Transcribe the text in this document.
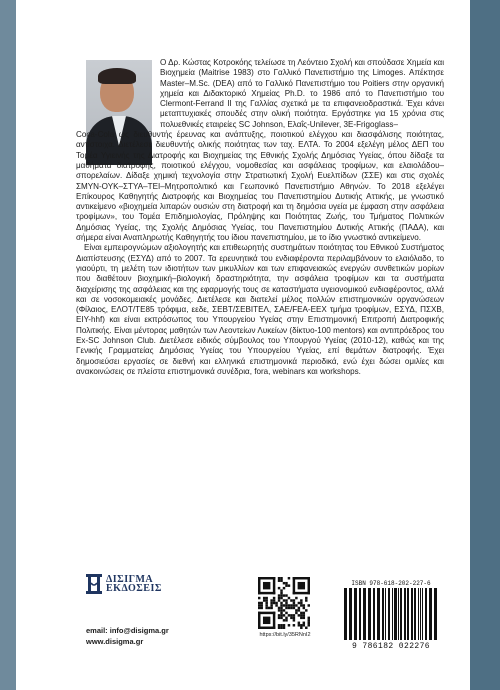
Ο Δρ. Κώστας Κοτροκόης τελείωσε τη Λεόντειο Σχολή και σπούδασε Χημεία και Βιοχημεία (Maitrise 1983) στο Γαλλικό Πανεπιστήμιο της Limoges. Απέκτησε Master–M.Sc. (DEA) από το Γαλλικό Πανεπιστήμιο του Poitiers στην οργανική χημεία και Διδακτορικό Χημείας Ph.D. το 1986 από το Πανεπιστήμιο του Clermont-Ferrand II της Γαλλίας σχετικά με τα επιφανειοδραστικά. Έχει κάνει μεταπτυχιακές σπουδές στην ολική ποιότητα. Εργάστηκε για 15 χρόνια στις πολυεθνικές εταιρείες SC Johnson, Ελαΐς-Unilever, 3E-Frigoglass–

Coca-Cola ως διευθυντής έρευνας και ανάπτυξης, ποιοτικού ελέγχου και διασφάλισης ποιότητας, αντίστοιχα. Διετέλεσε διευθυντής ολικής ποιότητας των ταχ. ΕΛΤΑ. Το 2004 εξελέγη μέλος ΔΕΠ του Τομέα Υγιεινής της Διατροφής και Βιοχημείας της Εθνικής Σχολής Δημόσιας Υγείας, όπου δίδαξε τα μαθήματα διατροφής, ποιοτικού ελέγχου, νομοθεσίας και ασφάλειας τροφίμων, και ελαιολάδου–σπορελαίων. Δίδαξε χημική τεχνολογία στην Στρατιωτική Σχολή Ευελπίδων (ΣΣΕ) και στις σχολές ΣΜΥΝ-ΟΥΚ–ΣΤΥΑ–ΤΕΙ–Μητροπολιτικό και Γεωπονικό Πανεπιστήμιο Αθηνών. Το 2018 εξελέγει Επίκουρος Καθηγητής Διατροφής και Βιοχημείας του Πανεπιστημίου Δυτικής Αττικής, με γνωστικό αντικείμενο «βιοχημεία λιπαρών ουσιών στη διατροφή και τη δημόσια υγεία με έμφαση στην ασφάλεια τροφίμων», του Τομέα Επιδημιολογίας, Πρόληψης και Ποιότητας Ζωής, του Τμήματος Πολιτικών Δημόσιας Υγείας, της Σχολής Δημόσιας Υγείας, του Πανεπιστημίου Δυτικής Αττικής (ΠΑΔΑ), και σήμερα είναι Αναπληρωτής Καθηγητής του ίδιου πανεπιστημίου, με το ίδιο γνωστικό αντικείμενο.

Είναι εμπειρογνώμων αξιολογητής και επιθεωρητής συστημάτων ποιότητας του Εθνικού Συστήματος Διαπίστευσης (ΕΣΥΔ) από το 2007. Τα ερευνητικά του ενδιαφέροντα περιλαμβάνουν το ελαιόλαδο, το γιαούρτι, τη μελέτη των ιδιοτήτων των μικυλλίων και των επιφανειακώς ενεργών συνθετικών μορίων που διαθέτουν βιοχημική–βιολογική δραστηριότητα, την ασφάλεια τροφίμων και τα συστήματα διαχείρισης της ασφάλειας και της εφαρμογής τους σε καταστήματα υγειονομικού ενδιαφέροντος, αλλά και σε νοσοκομειακές μονάδες. Διετέλεσε και διατελεί μέλος πολλών επιστημονικών οργανώσεων (Φίλαιος, ΕΛΟΤ/ΤΕ85 τρόφιμα, εεδε, ΣΕΒΤ/ΣΕΒΙΤΕΛ, ΣΑΕ/FEA-ΕΕΧ τμήμα τροφίμων, ΕΣΥΔ, ΠΣΧΒ, ΕΙΥ-hhf) και είναι εκπρόσωπος του Υπουργείου Υγείας στην Επιστημονική Επιτροπή Διατροφικής Πολιτικής. Είναι μέντορας μαθητών των Λεοντείων Λυκείων (δίκτυο-100 mentors) και αντιπρόεδρος του Ex-SC Johnson Club. Διετέλεσε ειδικός σύμβουλος του Υπουργού Υγείας (2010-12), καθώς και της Γενικής Γραμματείας Δημόσιας Υγείας του Υπουργείου Υγείας, επί θεμάτων διατροφής. Έχει δημοσιεύσει εργασίες σε διεθνή και ελληνικά επιστημονικά περιοδικά, ενώ έχει δώσει ομιλίες και ανακοινώσεις σε πλείστα επιστημονικά συνέδρια, fora, webinars και workshops.

ΔΙΣΙΓΜΑ
ΕΚΔΟΣΕΙΣ
email: info@disigma.gr
www.disigma.gr
https://bit.ly/35RNnI2
ISBN 978-618-202-227-6
9 786182 022276
